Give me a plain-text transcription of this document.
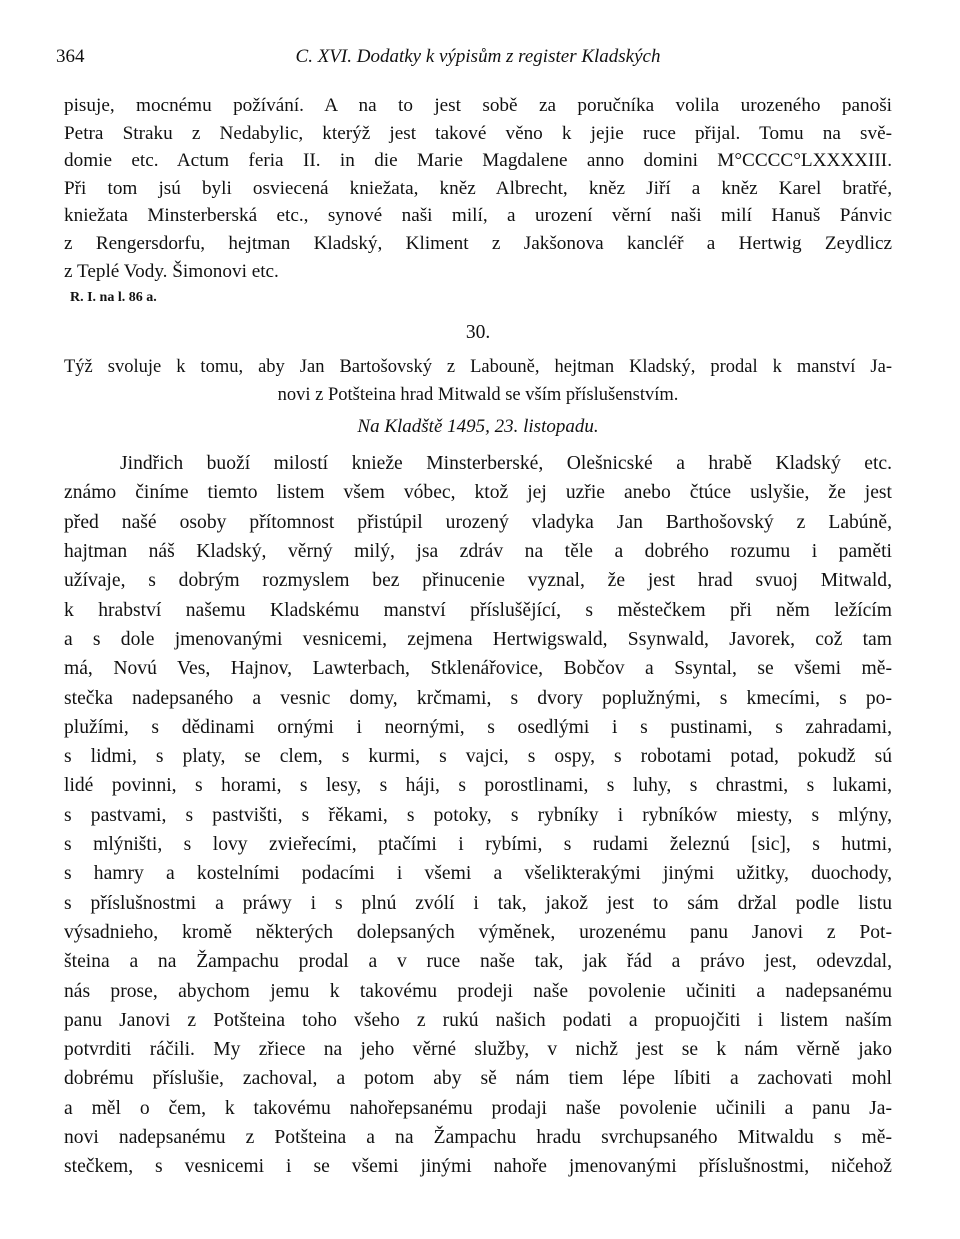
364	C. XVI. Dodatky k výpisům z register Kladských
pisuje, mocnému požívání. A na to jest sobě za poručníka volila urozeného panoši
Petra Straku z Nedabylic, kterýž jest takové věno k jejie ruce přijal. Tomu na svě-
domie etc. Actum feria II. in die Marie Magdalene anno domini M°CCCC°LXXXXIII.
Při tom jsú byli osviecená kniežata, kněz Albrecht, kněz Jiří a kněz Karel bratřé,
kniežata Minsterberská etc., synové naši milí, a urození věrní naši milí Hanuš Pánvic
z Rengersdorfu, hejtman Kladský, Kliment z Jakšonova kancléř a Hertwig Zeydlicz
z Teplé Vody. Šimonovi etc.
R. I. na l. 86 a.
30.
Týž svoluje k tomu, aby Jan Bartošovský z Labouně, hejtman Kladský, prodal k manství Ja-
novi z Potšteina hrad Mitwald se vším příslušenstvím.
Na Kladště 1495, 23. listopadu.
Jindřich buoží milostí knieže Minsterberské, Olešnicské a hrabě Kladský etc.
známo činíme tiemto listem všem vóbec, ktož jej uzřie anebo čtúce uslyšie, že jest
před našé osoby přítomnost přistúpil urozený vladyka Jan Barthošovský z Labúně,
hajtman náš Kladský, věrný milý, jsa zdráv na těle a dobrého rozumu i paměti
užívaje, s dobrým rozmyslem bez přinucenie vyznal, že jest hrad svuoj Mitwald,
k hrabství našemu Kladskému manství příslušějící, s městečkem při něm ležícím
a s dole jmenovanými vesnicemi, zejmena Hertwigswald, Ssynwald, Javorek, což tam
má, Novú Ves, Hajnov, Lawterbach, Stklenářovice, Bobčov a Ssyntal, se všemi mě-
stečka nadepsaného a vesnic domy, krčmami, s dvory poplužnými, s kmecími, s po-
plužími, s dědinami ornými i neornými, s osedlými i s pustinami, s zahradami,
s lidmi, s platy, se clem, s kurmi, s vajci, s ospy, s robotami potad, pokudž sú
lidé povinni, s horami, s lesy, s háji, s porostlinami, s luhy, s chrastmi, s lukami,
s pastvami, s pastvišti, s řěkami, s potoky, s rybníky i rybníków miesty, s mlýny,
s mlýništi, s lovy zvieřecími, ptačími i rybími, s rudami železnú [sic], s hutmi,
s hamry a kostelními podacími i všemi a všelikterakými jinými užitky, duochody,
s příslušnostmi a práwy i s plnú zvólí i tak, jakož jest to sám držal podle listu
výsadnieho, kromě některých dolepsaných výměnek, urozenému panu Janovi z Pot-
šteina a na Žampachu prodal a v ruce naše tak, jak řád a právo jest, odevzdal,
nás prose, abychom jemu k takovému prodeji naše povolenie učiniti a nadepsanému
panu Janovi z Potšteina toho všeho z rukú našich podati a propuojčiti i listem naším
potvrditi ráčili. My zřiece na jeho věrné služby, v nichž jest se k nám věrně jako
dobrému příslušie, zachoval, a potom aby sě nám tiem lépe líbiti a zachovati mohl
a měl o čem, k takovému nahořepsanému prodaji naše povolenie učinili a panu Ja-
novi nadepsanému z Potšteina a na Žampachu hradu svrchupsaného Mitwaldu s mě-
stečkem, s vesnicemi i se všemi jinými nahoře jmenovanými příslušnostmi, ničehož
